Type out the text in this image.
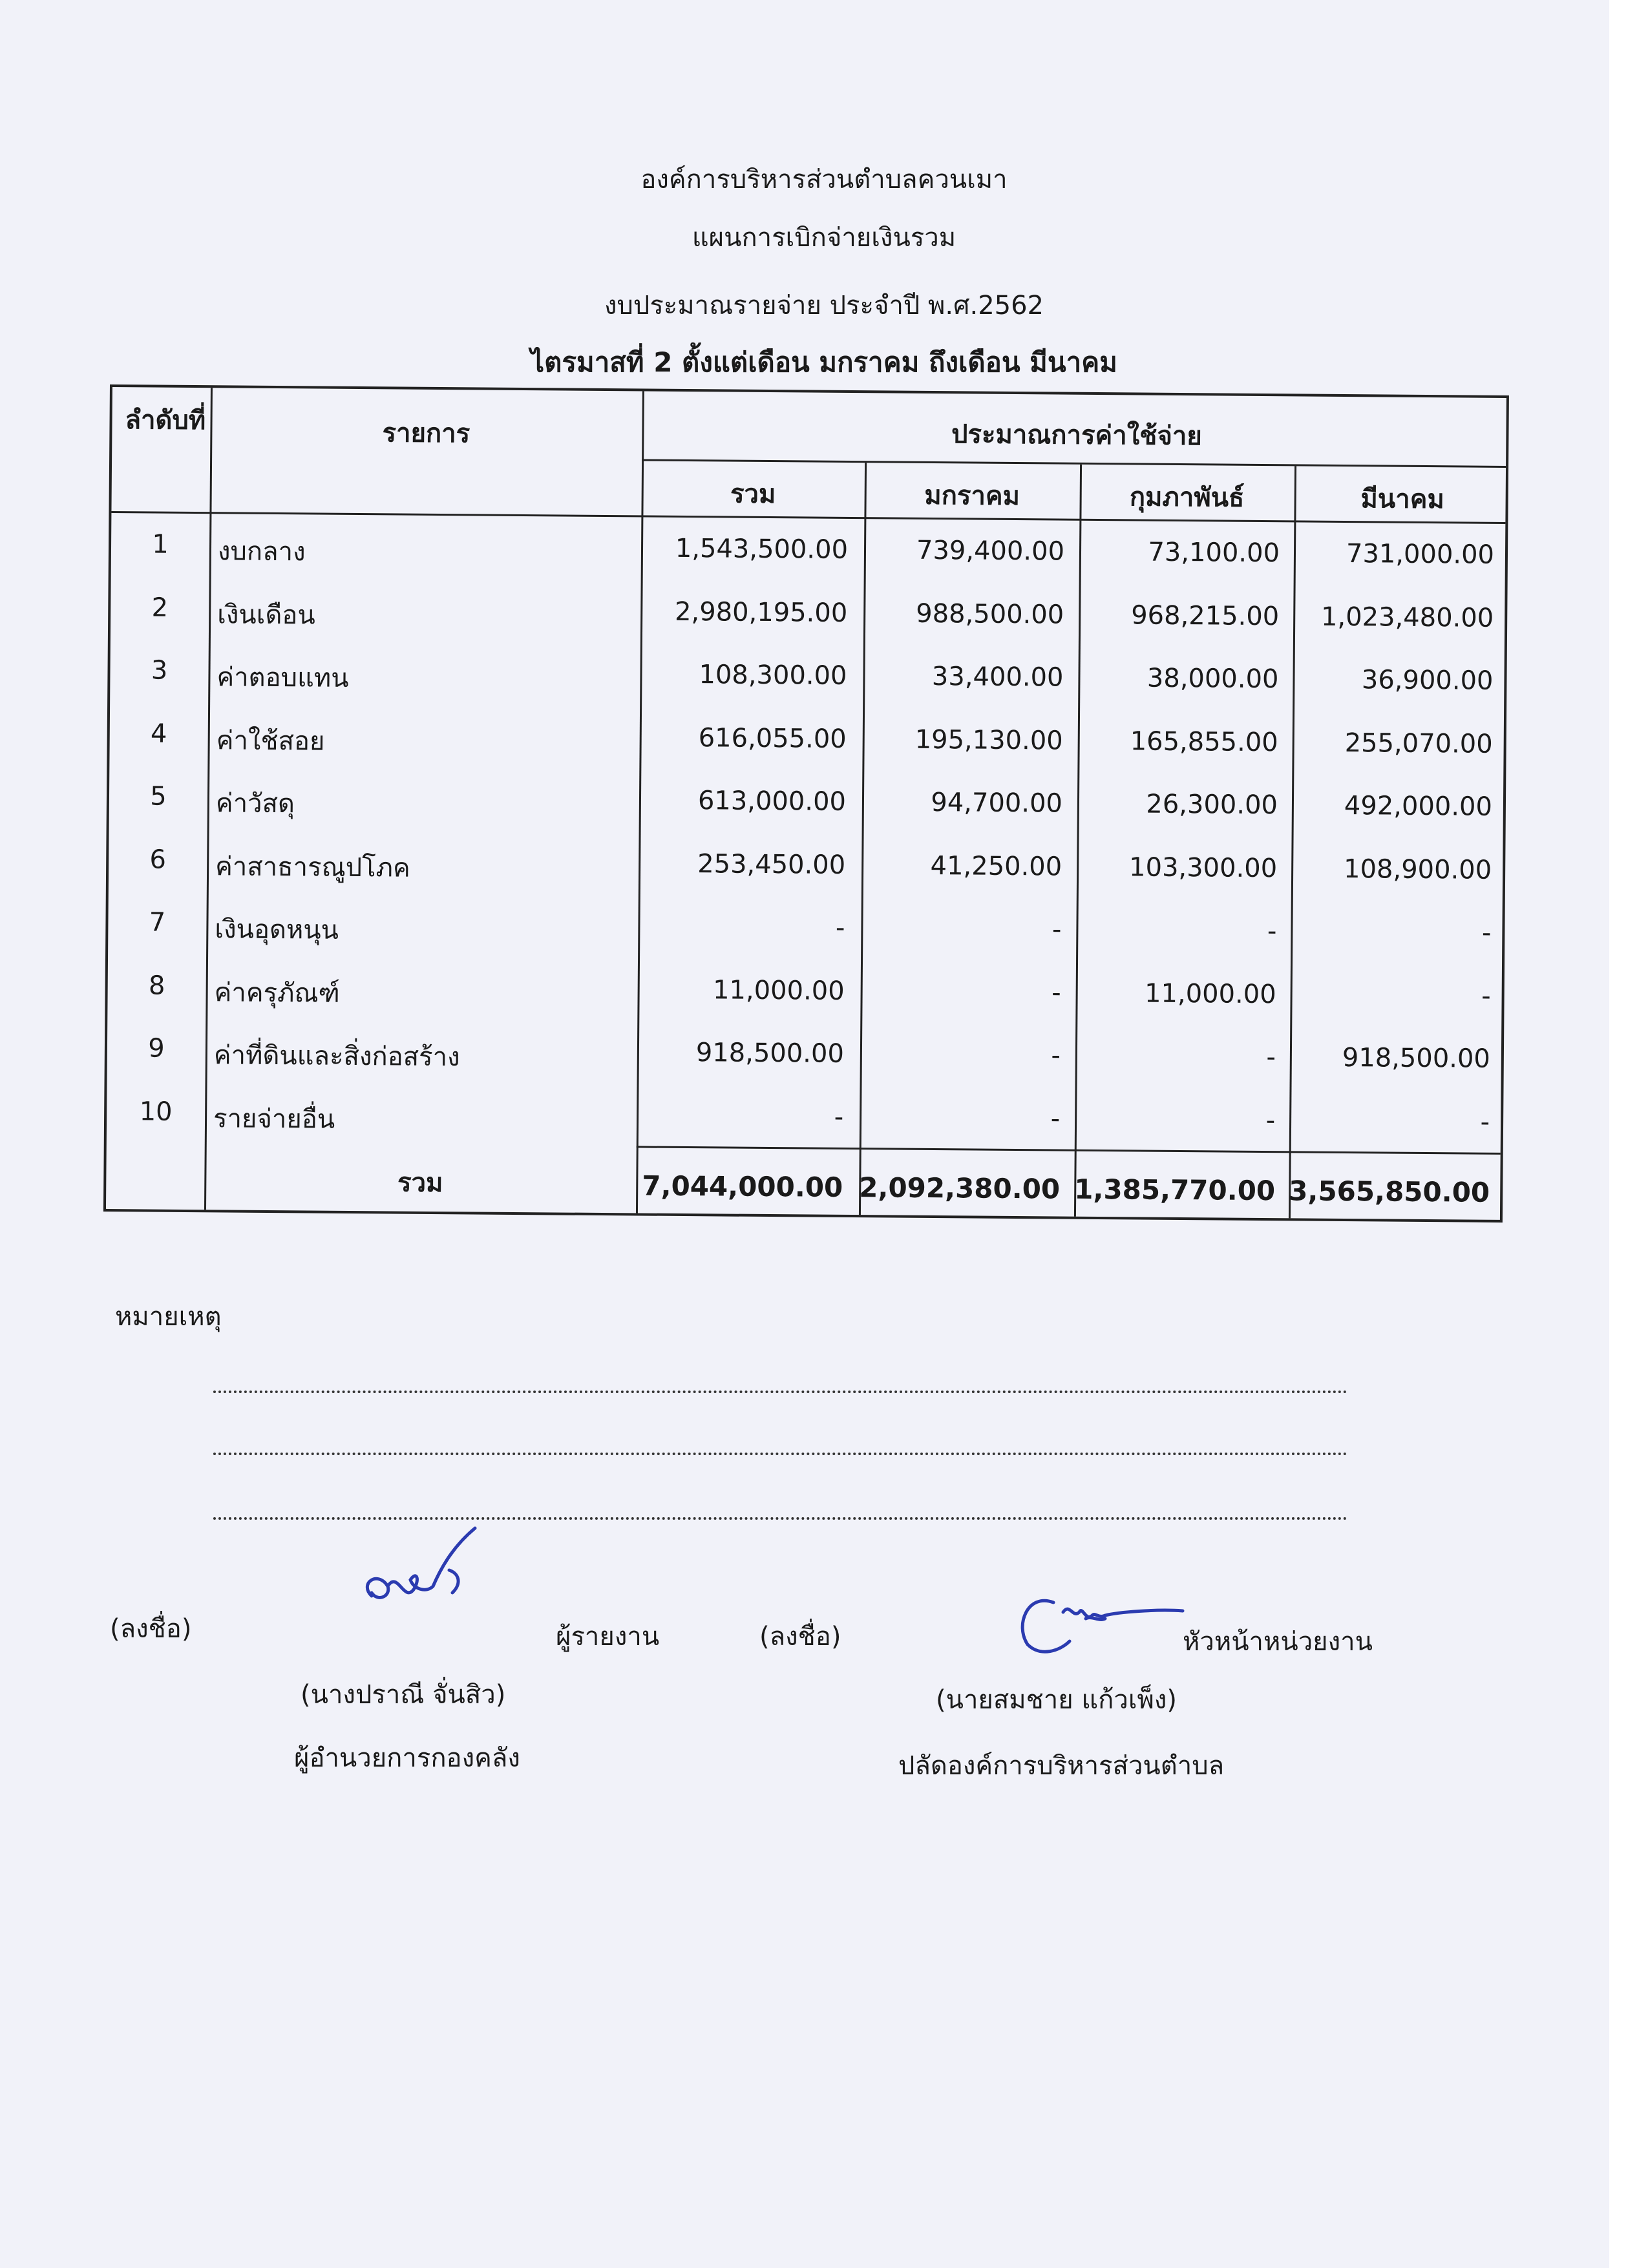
องค์การบริหารส่วนตำบลควนเมา
แผนการเบิกจ่ายเงินรวม
งบประมาณรายจ่าย ประจำปี พ.ศ.2562
ไตรมาสที่ 2 ตั้งแต่เดือน มกราคม ถึงเดือน มีนาคม
ลำดับที่	รายการ	ประมาณการค่าใช้จ่าย
รวม	มกราคม	กุมภาพันธ์	มีนาคม
1	งบกลาง	1,543,500.00	739,400.00	73,100.00	731,000.00
2	เงินเดือน	2,980,195.00	988,500.00	968,215.00	1,023,480.00
3	ค่าตอบแทน	108,300.00	33,400.00	38,000.00	36,900.00
4	ค่าใช้สอย	616,055.00	195,130.00	165,855.00	255,070.00
5	ค่าวัสดุ	613,000.00	94,700.00	26,300.00	492,000.00
6	ค่าสาธารณูปโภค	253,450.00	41,250.00	103,300.00	108,900.00
7	เงินอุดหนุน	-	-	-	-
8	ค่าครุภัณฑ์	11,000.00	-	11,000.00	-
9	ค่าที่ดินและสิ่งก่อสร้าง	918,500.00	-	-	918,500.00
10	รายจ่ายอื่น	-	-	-	-
รวม	7,044,000.00 2,092,380.00 1,385,770.00 3,565,850.00
หมายเหตุ
(ลงชื่อ)	ผู้รายงาน
(นางปราณี จั่นสิว)
ผู้อำนวยการกองคลัง
(ลงชื่อ)	หัวหน้าหน่วยงาน
(นายสมชาย แก้วเพ็ง)
ปลัดองค์การบริหารส่วนตำบล
